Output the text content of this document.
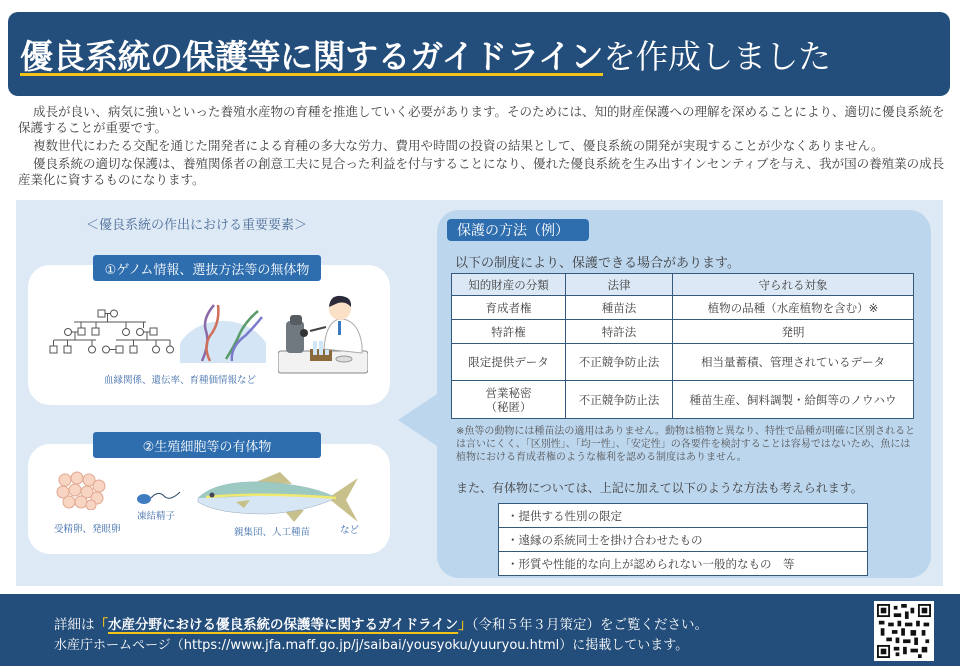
優良系統の保護等に関するガイドラインを作成しました

成長が良い、病気に強いといった養殖水産物の育種を推進していく必要があります。そのためには、知的財産保護への理解を深めることにより、適切に優良系統を保護することが重要です。

複数世代にわたる交配を通じた開発者による育種の多大な労力、費用や時間の投資の結果として、優良系統の開発が実現することが少なくありません。

優良系統の適切な保護は、養殖関係者の創意工夫に見合った利益を付与することになり、優れた優良系統を生み出すインセンティブを与え、我が国の養殖業の成長産業化に資するものになります。

＜優良系統の作出における重要要素＞
①ゲノム情報、選抜方法等の無体物
血縁関係、遺伝率、育種価情報など
②生殖細胞等の有体物
受精卵、発眼卵
凍結精子
親集団、人工種苗	など
保護の方法（例）
以下の制度により、保護できる場合があります。
知的財産の分類	法律	守られる対象
育成者権	種苗法	植物の品種（水産植物を含む）※
特許権	特許法	発明
限定提供データ	不正競争防止法	相当量蓄積、管理されているデータ

営業秘密
（秘匿）	不正競争防止法	種苗生産、飼料調製・給餌等のノウハウ
※魚等の動物には種苗法の適用はありません。動物は植物と異なり、特性で品種が明確に区別されるとは言いにくく、「区別性」、「均一性」、「安定性」の各要件を検討することは容易ではないため、魚には植物における育成者権のような権利を認める制度はありません。
また、有体物については、上記に加えて以下のような方法も考えられます。
・提供する性別の限定
・遠縁の系統同士を掛け合わせたもの
・形質や性能的な向上が認められない一般的なもの　等
詳細は「水産分野における優良系統の保護等に関するガイドライン」（令和５年３月策定）をご覧ください。
水産庁ホームページ（https://www.jfa.maff.go.jp/j/saibai/yousyoku/yuuryou.html）に掲載しています。
